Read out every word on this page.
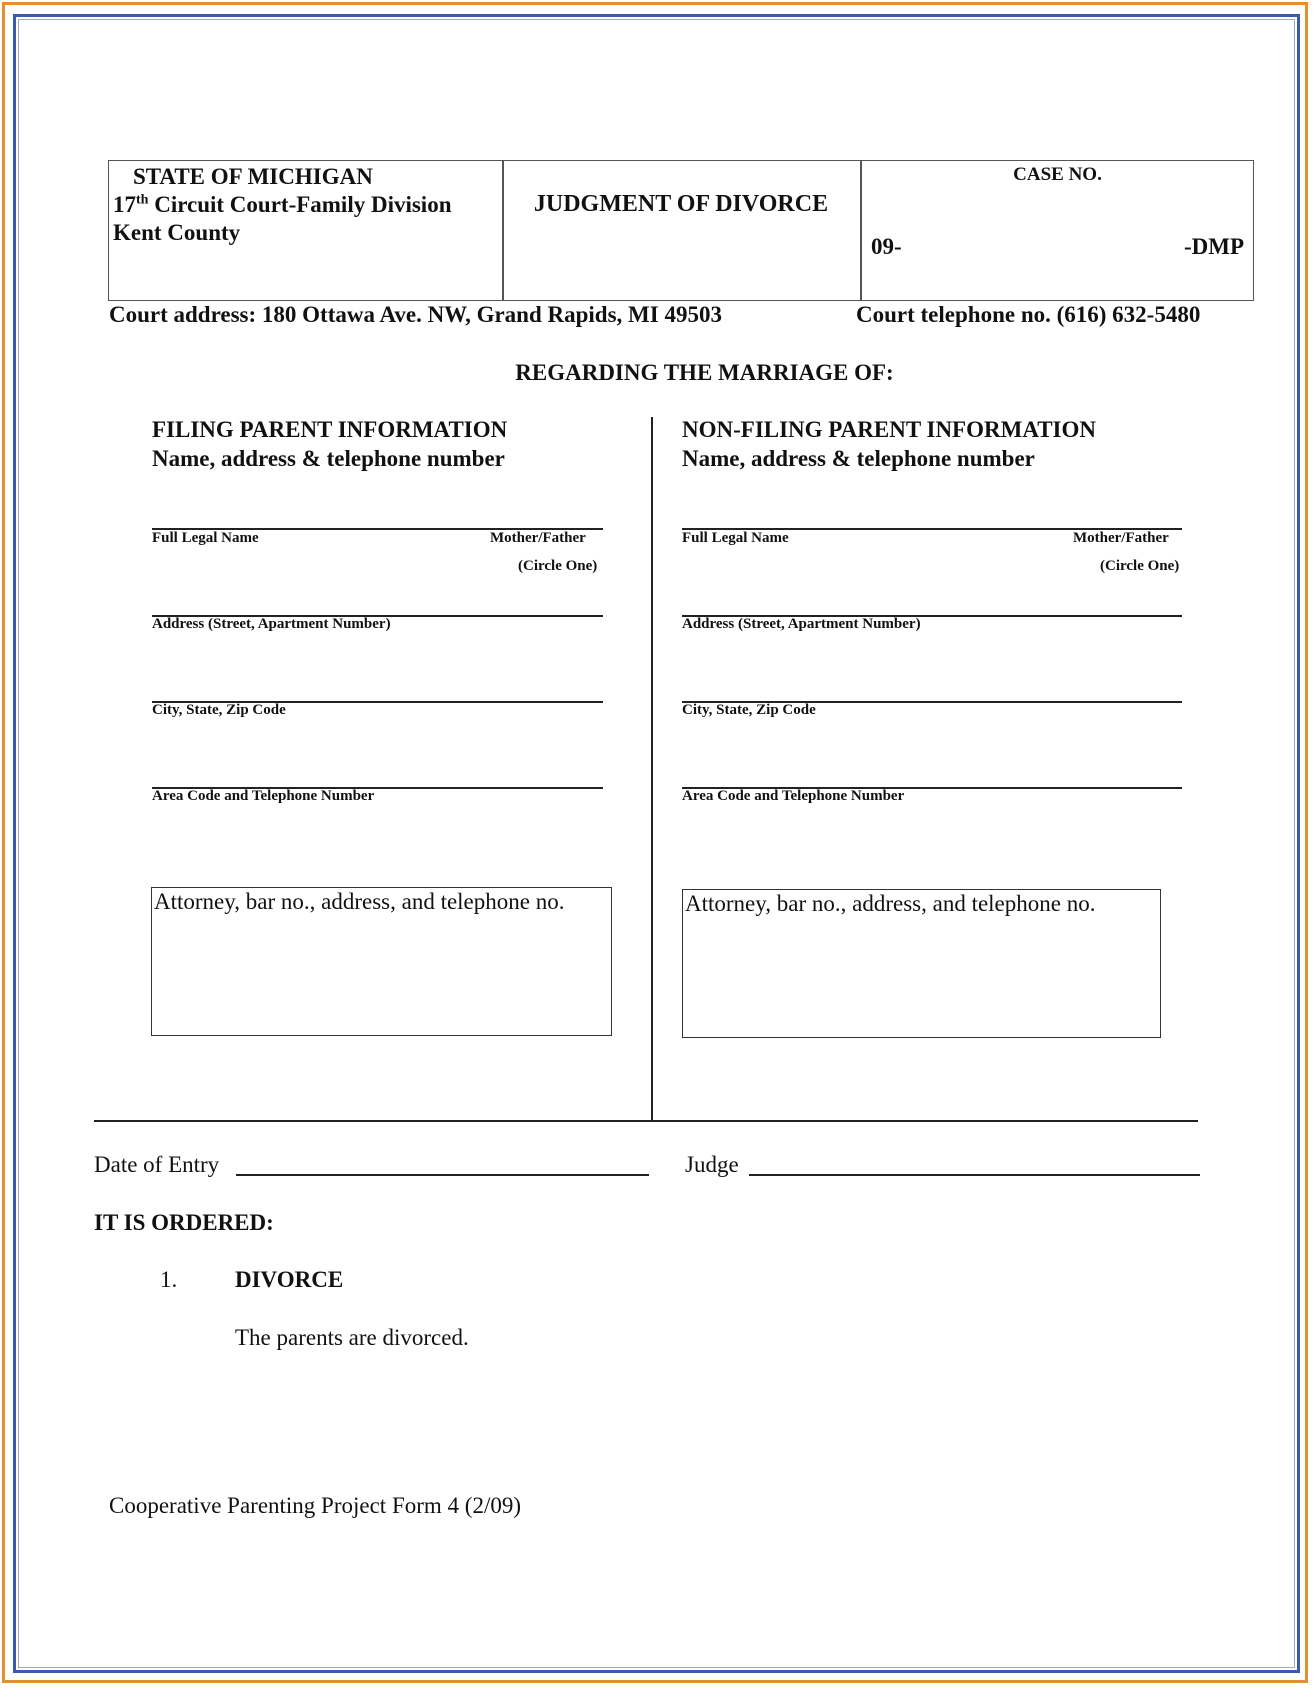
STATE OF MICHIGAN
17th Circuit Court-Family Division
Kent County
JUDGMENT OF DIVORCE
CASE NO.
09-	-DMP
Court address: 180 Ottawa Ave. NW, Grand Rapids, MI 49503	Court telephone no. (616) 632-5480
REGARDING THE MARRIAGE OF:
FILING PARENT INFORMATION
Name, address & telephone number
Full Legal Name	Mother/Father
(Circle One)
Address (Street, Apartment Number)
City, State, Zip Code
Area Code and Telephone Number
Attorney, bar no., address, and telephone no.
NON-FILING PARENT INFORMATION
Name, address & telephone number
Full Legal Name	Mother/Father
(Circle One)
Address (Street, Apartment Number)
City, State, Zip Code
Area Code and Telephone Number
Attorney, bar no., address, and telephone no.
Date of Entry	Judge
IT IS ORDERED:
1.	DIVORCE
The parents are divorced.
Cooperative Parenting Project Form 4 (2/09)
